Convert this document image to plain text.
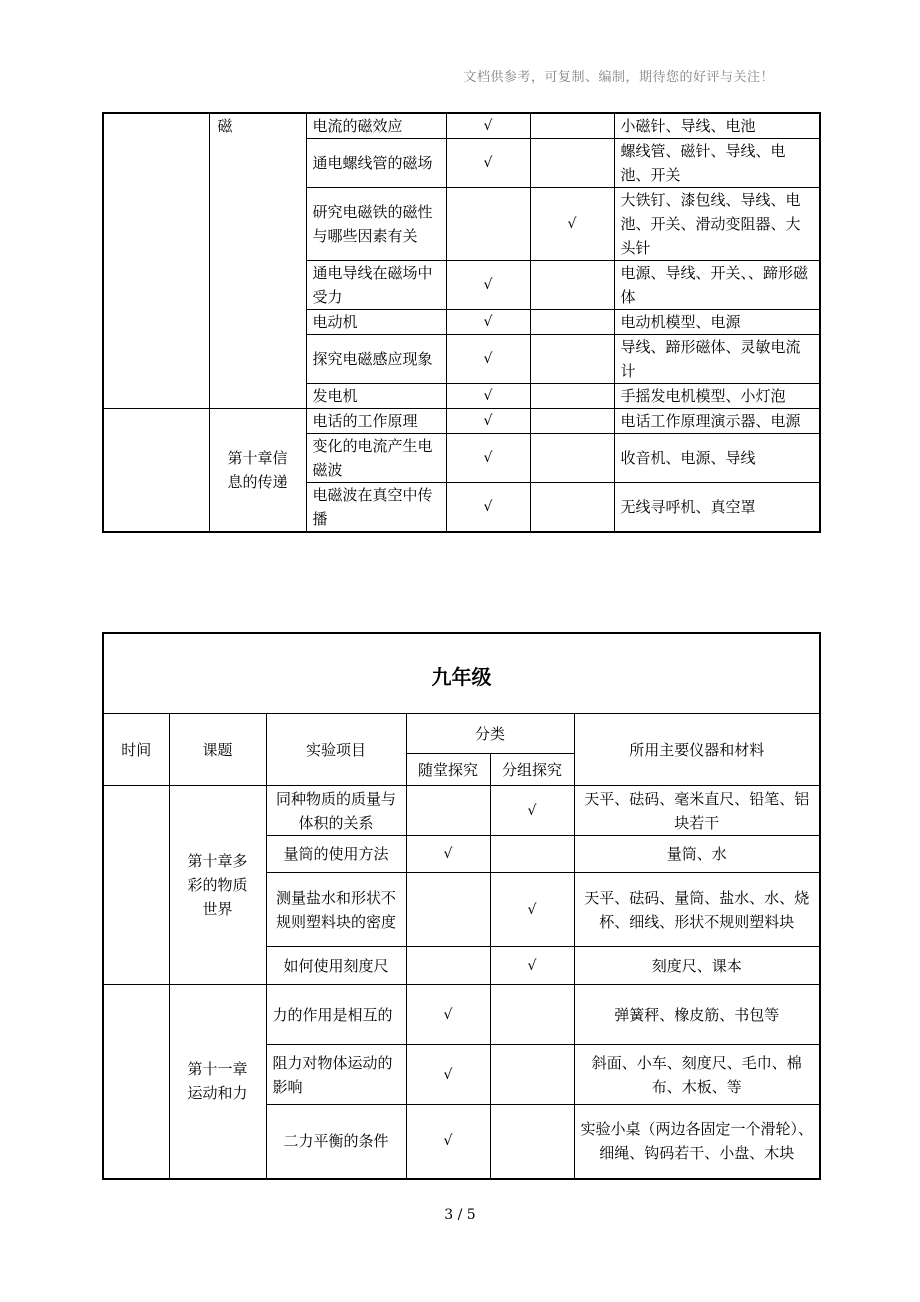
文档供参考，可复制、编制，期待您的好评与关注！
	磁	电流的磁效应	√		小磁针、导线、电池
		通电螺线管的磁场	√		螺线管、磁针、导线、电池、开关
		研究电磁铁的磁性与哪些因素有关		√	大铁钉、漆包线、导线、电池、开关、滑动变阻器、大头针
		通电导线在磁场中受力	√		电源、导线、开关、、蹄形磁体
		电动机	√		电动机模型、电源
		探究电磁感应现象	√		导线、蹄形磁体、灵敏电流计
		发电机	√		手摇发电机模型、小灯泡
	第十章信息的传递	电话的工作原理	√		电话工作原理演示器、电源
		变化的电流产生电磁波	√		收音机、电源、导线
		电磁波在真空中传播	√		无线寻呼机、真空罩
九年级					
时间	课题	实验项目	分类		所用主要仪器和材料
			随堂探究	分组探究	
	第十章多彩的物质世界	同种物质的质量与体积的关系		√	天平、砝码、毫米直尺、铅笔、铝块若干
		量筒的使用方法	√		量筒、水
		测量盐水和形状不规则塑料块的密度		√	天平、砝码、量筒、盐水、水、烧杯、细线、形状不规则塑料块
		如何使用刻度尺		√	刻度尺、课本
	第十一章运动和力	力的作用是相互的	√		弹簧秤、橡皮筋、书包等
		阻力对物体运动的影响	√		斜面、小车、刻度尺、毛巾、棉布、木板、等
		二力平衡的条件	√		实验小桌（两边各固定一个滑轮）、细绳、钩码若干、小盘、木块
3 / 5
